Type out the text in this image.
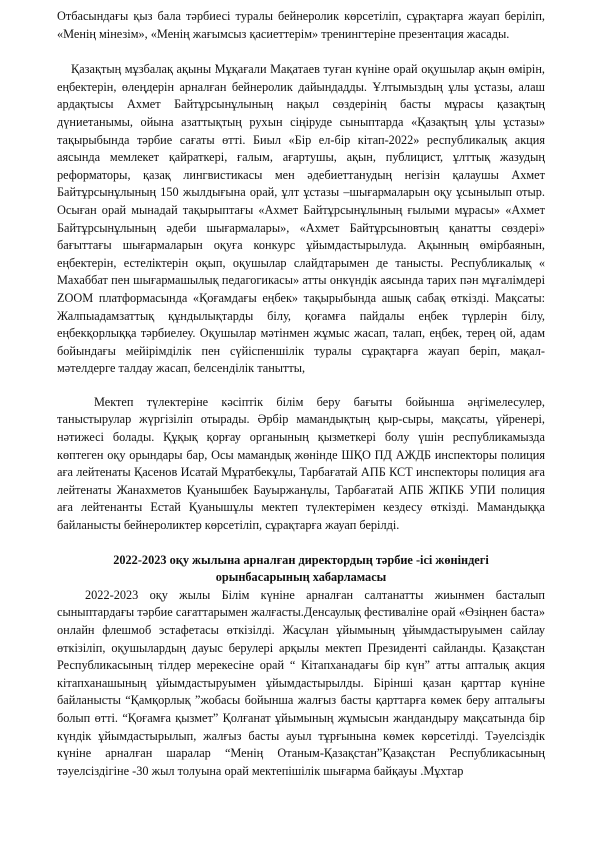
Отбасындағы қыз бала тәрбиесі туралы бейнеролик көрсетіліп, сұрақтарға жауап беріліп, «Менің мінезім», «Менің жағымсыз қасиеттерім» тренингтеріне презентация жасады.

Қазақтың мұзбалақ ақыны Мұқағали Мақатаев туған күніне орай оқушылар ақын өмірін, еңбектерін, өлеңдерін арналған бейнеролик дайындадды. Ұлтымыздың ұлы ұстазы, алаш ардақтысы Ахмет Байтұрсынұлының нақыл сөздерінің басты мұрасы қазақтың дүниетанымы, ойына азаттықтың рухын сіңіруде сыныптарда «Қазақтың ұлы ұстазы» тақырыбында тәрбие сағаты өтті. Биыл «Бір ел-бір кітап-2022» республикалық акция аясында мемлекет қайраткері, ғалым, ағартушы, ақын, публицист, ұлттық жазудың реформаторы, қазақ лингвистикасы мен әдебиеттанудың негізін қалаушы Ахмет Байтұрсынұлының 150 жылдығына орай, ұлт ұстазы –шығармаларын оқу ұсынылып отыр. Осыған орай мынадай тақырыптағы «Ахмет Байтұрсынұлының ғылыми мұрасы» «Ахмет Байтұрсынұлының әдеби шығармалары», «Ахмет Байтұрсыновтың қанатты сөздері» бағыттағы шығармаларын оқуға конкурс ұйымдастырылуда. Ақынның өмірбаянын, еңбектерін, естеліктерін оқып, оқушылар слайдтарымен де танысты. Республикалық « Махаббат пен шығармашылық педагогикасы» атты онкүндік аясында тарих пән мұғалімдері ZOOM платформасында «Қоғамдағы еңбек» тақырыбында ашық сабақ өткізді. Мақсаты: Жалпыадамзаттық құндылықтарды білу, қоғамға пайдалы еңбек түрлерін білу, еңбекқорлыққа тәрбиелеу. Оқушылар мәтінмен жұмыс жасап, талап, еңбек, терең ой, адам бойындағы мейірімділік пен сүйіспеншілік туралы сұрақтарға жауап беріп, мақал-мәтелдерге талдау жасап, белсенділік танытты,

Мектеп түлектеріне кәсіптік білім беру бағыты бойынша әңгімелесулер, таныстырулар жүргізіліп отырады. Әрбір мамандықтың қыр-сыры, мақсаты, үйренері, нәтижесі болады. Құқық қорғау органының қызметкері болу үшін республикамызда көптеген оқу орындары бар, Осы мамандық жөнінде ШҚО ПД АЖДБ инспекторы полиция аға лейтенаты Қасенов Исатай Мұратбекұлы, Тарбағатай АПБ КСТ инспекторы полиция аға лейтенаты Жанахметов Қуанышбек Бауыржанұлы, Тарбағатай АПБ ЖПКБ УПИ полиция аға лейтенанты Естай Қуанышұлы мектеп түлектерімен кездесу өткізді. Мамандыққа байланысты бейнероликтер көрсетіліп, сұрақтарға жауап берілді.

2022-2023 оқу жылына арналған директордың тәрбие -ісі жөніндегі орынбасарының хабарламасы

2022-2023 оқу жылы Білім күніне арналған салтанатты жиынмен басталып сыныптардағы тәрбие сағаттарымен жалғасты.Денсаулық фестивалінe орай «Өзіңнен баста» онлайн флешмоб эстафетасы өткізілді. Жасұлан ұйымының ұйымдастыруымен сайлау өткізіліп, оқушылардың дауыс берулері арқылы мектеп Президенті сайланды. Қазақстан Республикасының тілдер мерекесіне орай “ Кітапханадағы бір күн” атты апталық акция кітапханашының ұйымдастыруымен ұйымдастырылды. Бірінші қазан қарттар күніне байланысты “Қамқорлық ”жобасы бойынша жалғыз басты қарттарға көмек беру апталығы болып өтті. “Қоғамға қызмет” Қолғанат ұйымының жұмысын жандандыру мақсатында бір күндік ұйымдастырылып, жалғыз басты ауыл тұрғынына көмек көрсетілді. Тәуелсіздік күніне арналған шаралар “Менің Отаным-Қазақстан”Қазақстан Республикасының тәуелсіздігіне -30 жыл толуына орай мектепішілік шығарма байқауы .Мұхтар
